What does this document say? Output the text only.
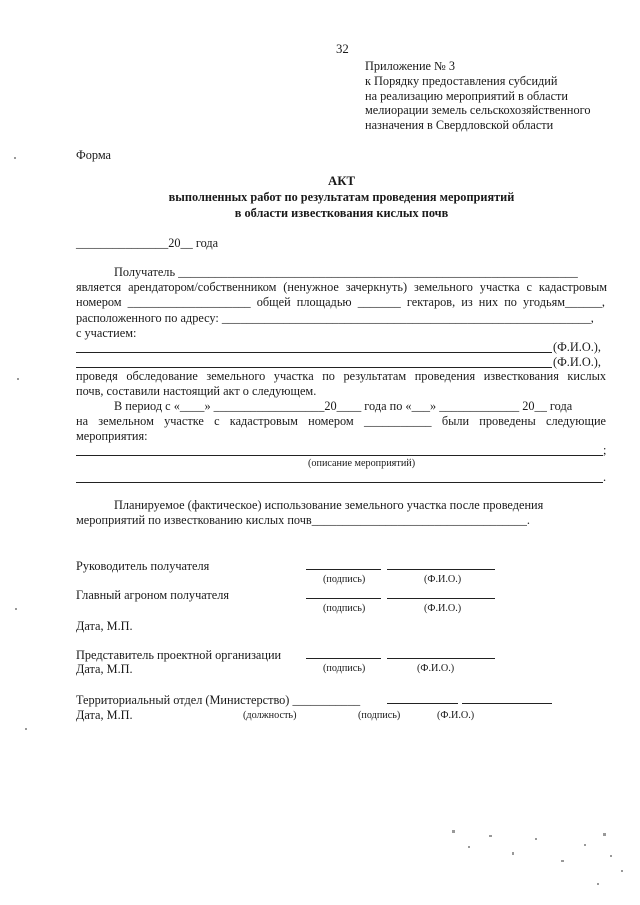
32
Приложение № 3
к Порядку предоставления субсидий
на реализацию мероприятий в области
мелиорации земель сельскохозяйственного
назначения в Свердловской области
Форма
АКТ
выполненных работ по результатам проведения мероприятий
в области известкования кислых почв
_______________20__ года
Получатель _________________________________________________________________
является арендатором/собственником (ненужное зачеркнуть) земельного участка с кадастровым
номером ____________________ общей площадью _______ гектаров, из них по угодьям______,
расположенного по адресу: ____________________________________________________________,
с участием:
(Ф.И.О.),
(Ф.И.О.),
проведя обследование земельного участка по результатам проведения известкования кислых
почв, составили настоящий акт о следующем.
В период с «____» __________________20____ года по «___» _____________ 20__ года
на земельном участке с кадастровым номером ___________ были проведены следующие
мероприятия:
;
(описание мероприятий)
.
Планируемое (фактическое) использование земельного участка после проведения
мероприятий по известкованию кислых почв___________________________________.
Руководитель получателя
(подпись)	(Ф.И.О.)
Главный агроном получателя
(подпись)	(Ф.И.О.)
Дата, М.П.
Представитель проектной организации
Дата, М.П.	(подпись)	(Ф.И.О.)
Территориальный отдел (Министерство) ___________
Дата, М.П.	(должность)	(подпись)	(Ф.И.О.)
